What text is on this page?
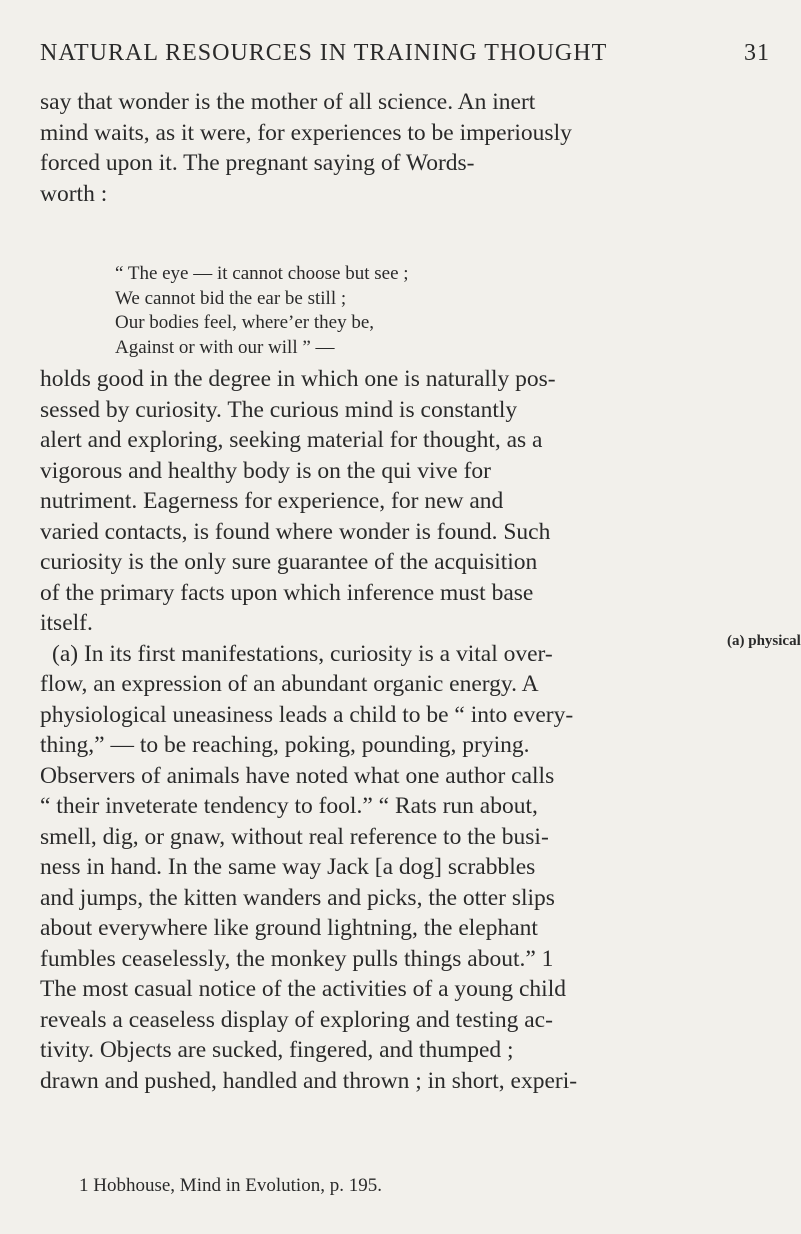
NATURAL RESOURCES IN TRAINING THOUGHT	31
say that wonder is the mother of all science. An inert
mind waits, as it were, for experiences to be imperiously
forced upon it. The pregnant saying of Words-
worth :
“ The eye — it cannot choose but see ;
We cannot bid the ear be still ;
Our bodies feel, where’er they be,
Against or with our will ” —
holds good in the degree in which one is naturally pos-
sessed by curiosity. The curious mind is constantly
alert and exploring, seeking material for thought, as a
vigorous and healthy body is on the qui vive for
nutriment. Eagerness for experience, for new and
varied contacts, is found where wonder is found. Such
curiosity is the only sure guarantee of the acquisition
of the primary facts upon which inference must base
itself.
(a) In its first manifestations, curiosity is a vital over-
flow, an expression of an abundant organic energy. A
physiological uneasiness leads a child to be “ into every-
thing,” — to be reaching, poking, pounding, prying.
Observers of animals have noted what one author calls
“ their inveterate tendency to fool.” “ Rats run about,
smell, dig, or gnaw, without real reference to the busi-
ness in hand. In the same way Jack [a dog] scrabbles
and jumps, the kitten wanders and picks, the otter slips
about everywhere like ground lightning, the elephant
fumbles ceaselessly, the monkey pulls things about.” 1
The most casual notice of the activities of a young child
reveals a ceaseless display of exploring and testing ac-
tivity. Objects are sucked, fingered, and thumped ;
drawn and pushed, handled and thrown ; in short, experi-
(a) physical
1 Hobhouse, Mind in Evolution, p. 195.
